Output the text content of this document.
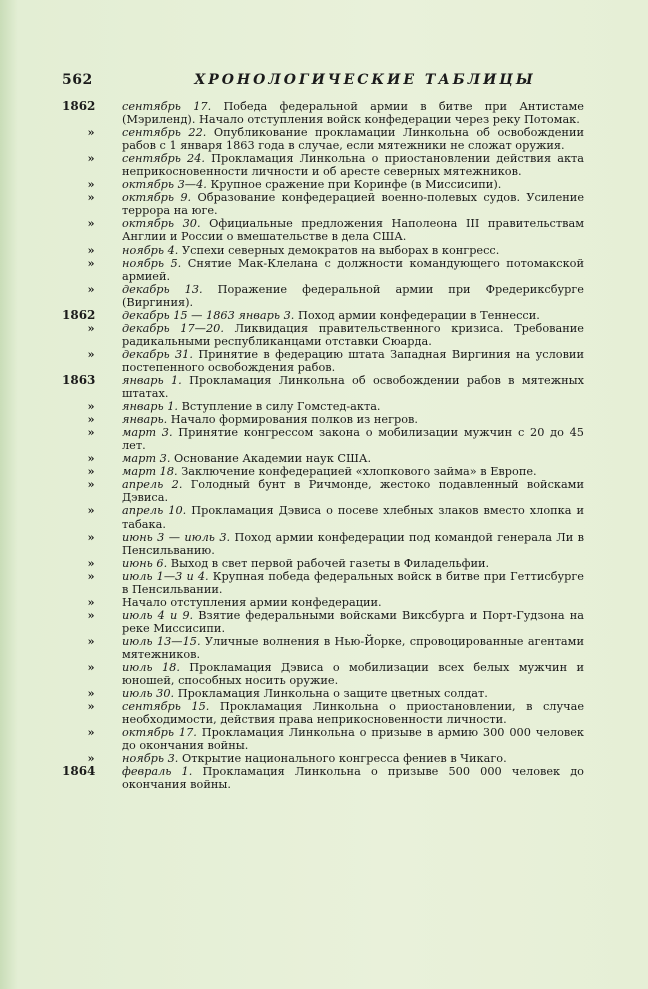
562	ХРОНОЛОГИЧЕСКИЕ ТАБЛИЦЫ
1862	сентябрь 17. Победа федеральной армии в битве при Антистаме (Мэриленд). Начало отступления войск конфедерации через реку Потомак.
» сентябрь 22. Опубликование прокламации Линкольна об освобождении рабов с 1 января 1863 года в случае, если мятежники не сложат оружия.
» сентябрь 24. Прокламация Линкольна о приостановлении действия акта неприкосновенности личности и об аресте северных мятежников.
» октябрь 3—4. Крупное сражение при Коринфе (в Миссисипи).
» октябрь 9. Образование конфедерацией военно-полевых судов. Усиление террора на юге.
» октябрь 30. Официальные предложения Наполеона III правительствам Англии и России о вмешательстве в дела США.
» ноябрь 4. Успехи северных демократов на выборах в конгресс.
» ноябрь 5. Снятие Мак-Клелана с должности командующего потомакской армией.
» декабрь 13. Поражение федеральной армии при Фредериксбурге (Виргиния).
1862	декабрь 15 — 1863 январь 3. Поход армии конфедерации в Теннесси.
» декабрь 17—20. Ликвидация правительственного кризиса. Требование радикальными республиканцами отставки Сюарда.
» декабрь 31. Принятие в федерацию штата Западная Виргиния на условии постепенного освобождения рабов.
1863	январь 1. Прокламация Линкольна об освобождении рабов в мятежных штатах.
» январь 1. Вступление в силу Гомстед-акта.
» январь. Начало формирования полков из негров.
» март 3. Принятие конгрессом закона о мобилизации мужчин с 20 до 45 лет.
» март 3. Основание Академии наук США.
» март 18. Заключение конфедерацией «хлопкового займа» в Европе.
» апрель 2. Голодный бунт в Ричмонде, жестоко подавленный войсками Дэвиса.
» апрель 10. Прокламация Дэвиса о посеве хлебных злаков вместо хлопка и табака.
» июнь 3 — июль 3. Поход армии конфедерации под командой генерала Ли в Пенсильванию.
» июнь 6. Выход в свет первой рабочей газеты в Филадельфии.
» июль 1—3 и 4. Крупная победа федеральных войск в битве при Геттисбурге в Пенсильвании.
» Начало отступления армии конфедерации.
» июль 4 и 9. Взятие федеральными войсками Виксбурга и Порт-Гудзона на реке Миссисипи.
» июль 13—15. Уличные волнения в Нью-Йорке, спровоцированные агентами мятежников.
» июль 18. Прокламация Дэвиса о мобилизации всех белых мужчин и юношей, способных носить оружие.
» июль 30. Прокламация Линкольна о защите цветных солдат.
» сентябрь 15. Прокламация Линкольна о приостановлении, в случае необходимости, действия права неприкосновенности личности.
» октябрь 17. Прокламация Линкольна о призыве в армию 300 000 человек до окончания войны.
» ноябрь 3. Открытие национального конгресса фениев в Чикаго.
1864	февраль 1. Прокламация Линкольна о призыве 500 000 человек до окончания войны.
